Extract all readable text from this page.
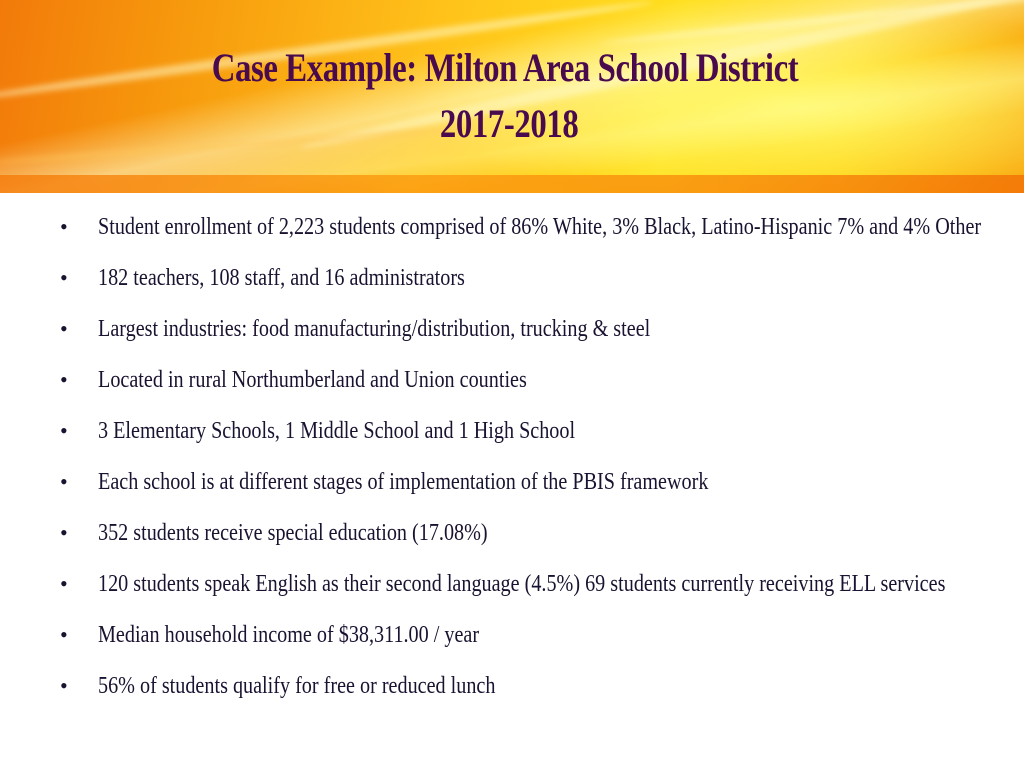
Case Example: Milton Area School District
2017-2018
• Student enrollment of 2,223 students comprised of 86% White, 3% Black, Latino-Hispanic 7% and 4% Other
• 182 teachers, 108 staff, and 16 administrators
• Largest industries: food manufacturing/distribution, trucking & steel
• Located in rural Northumberland and Union counties
• 3 Elementary Schools, 1 Middle School and 1 High School
• Each school is at different stages of implementation of the PBIS framework
• 352 students receive special education (17.08%)
• 120 students speak English as their second language (4.5%) 69 students currently receiving ELL services
• Median household income of $38,311.00 / year
• 56% of students qualify for free or reduced lunch
